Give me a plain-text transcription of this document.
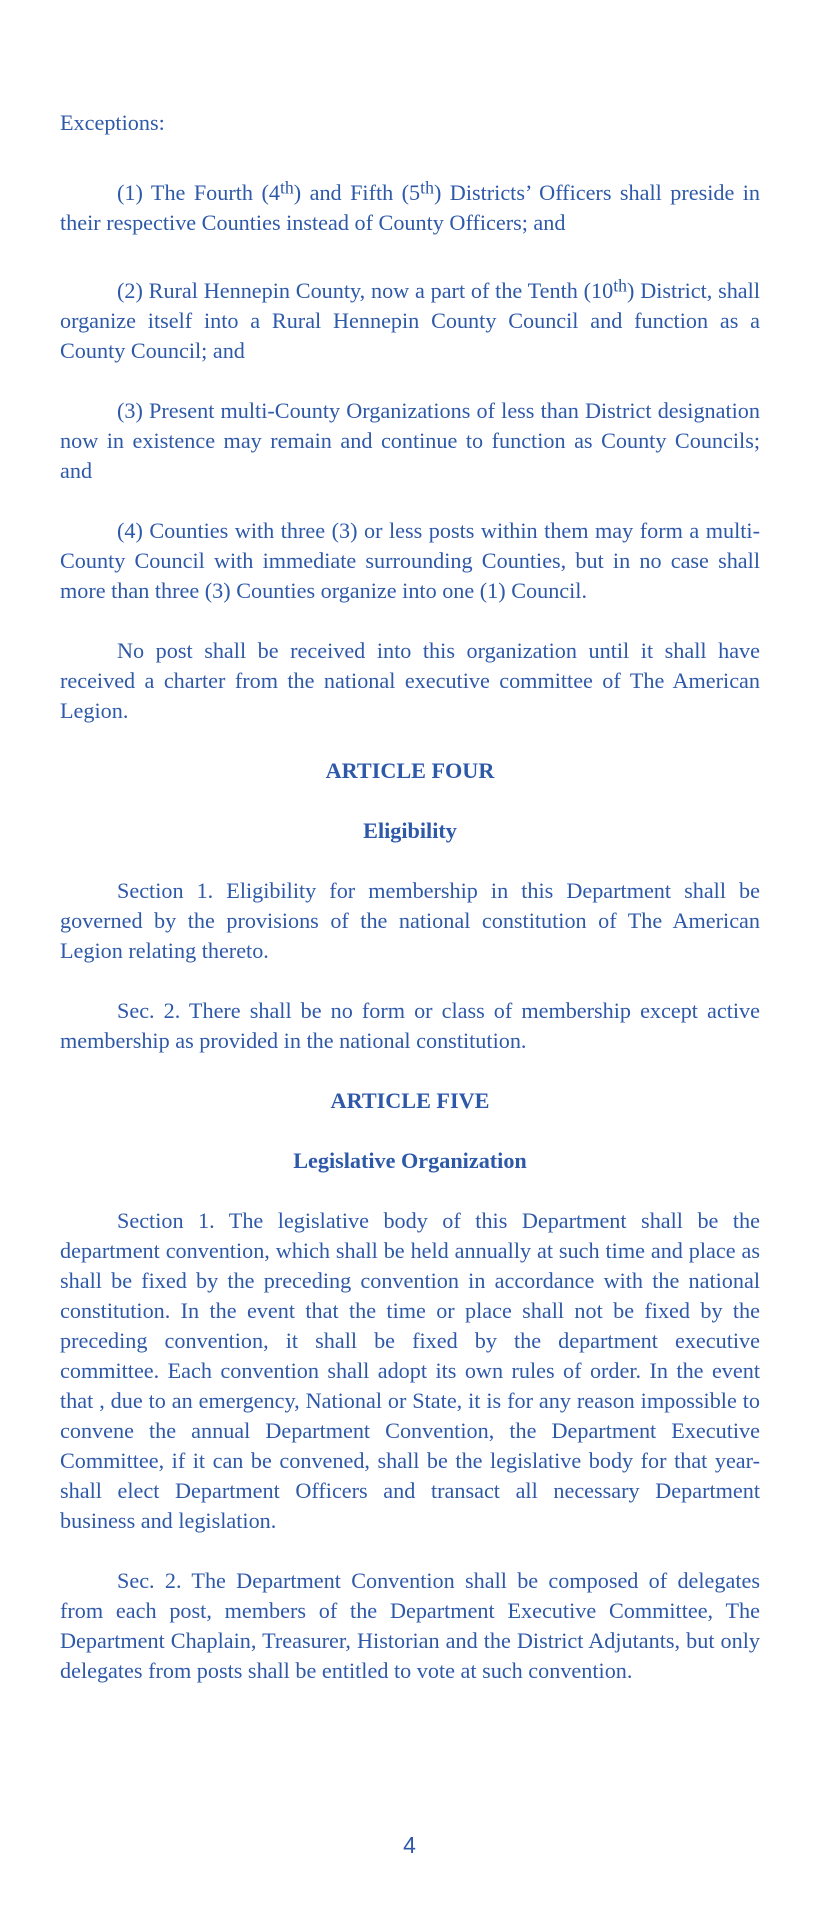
Exceptions:

(1) The Fourth (4th) and Fifth (5th) Districts’ Officers shall preside in their respective Counties instead of County Officers; and

(2) Rural Hennepin County, now a part of the Tenth (10th) District, shall organize itself into a Rural Hennepin County Council and function as a County Council; and

(3) Present multi-County Organizations of less than District designation now in existence may remain and continue to function as County Councils; and

(4) Counties with three (3) or less posts within them may form a multi-County Council with immediate surrounding Counties, but in no case shall more than three (3) Counties organize into one (1) Council.

No post shall be received into this organization until it shall have received a charter from the national executive committee of The American Legion.

ARTICLE FOUR

Eligibility

Section 1. Eligibility for membership in this Department shall be governed by the provisions of the national constitution of The American Legion relating thereto.

Sec. 2. There shall be no form or class of membership except active membership as provided in the national constitution.

ARTICLE FIVE

Legislative Organization

Section 1. The legislative body of this Department shall be the department convention, which shall be held annually at such time and place as shall be fixed by the preceding convention in accordance with the national constitution. In the event that the time or place shall not be fixed by the preceding convention, it shall be fixed by the department executive committee. Each convention shall adopt its own rules of order. In the event that , due to an emergency, National or State, it is for any reason impossible to convene the annual Department Convention, the Department Executive Committee, if it can be convened, shall be the legislative body for that year-shall elect Department Officers and transact all necessary Department business and legislation.

Sec. 2. The Department Convention shall be composed of delegates from each post, members of the Department Executive Committee, The Department Chaplain, Treasurer, Historian and the District Adjutants, but only delegates from posts shall be entitled to vote at such convention.

4
